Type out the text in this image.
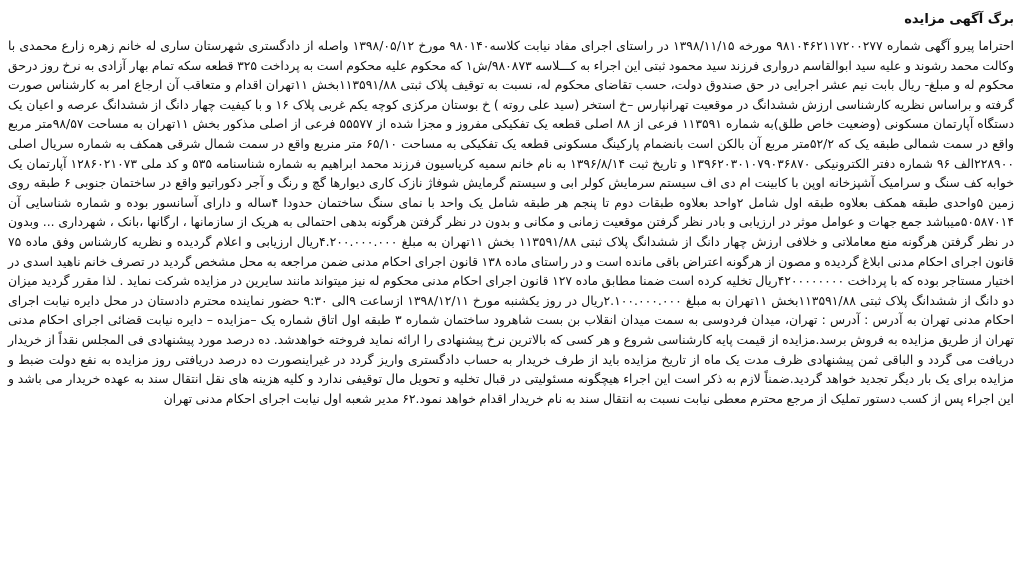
برگ آگهی مزایده

احتراما پیرو آگهی شماره ۹۸۱۰۴۶۲۱۱۷۲۰۰۲۷۷ مورخه ۱۳۹۸/۱۱/۱۵ در راستای اجرای مفاد نیابت کلاسه۹۸۰۱۴۰ مورخ ۱۳۹۸/۰۵/۱۲ واصله از دادگستری شهرستان ساری له خانم زهره زارع محمدی با وکالت محمد رشوند و علیه سید ابوالقاسم درواری فرزند سید محمود ثبتی این اجراء به کـــلاسه ۹۸۰۸۷۳/ش۱ که محکوم علیه محکوم است به پرداخت ۳۲۵ قطعه سکه تمام بهار آزادی به نرخ روز درحق محکوم له و مبلغ- ریال بابت نیم عشر اجرایی در حق صندوق دولت، حسب تقاضای محکوم له، نسبت به توقیف پلاک ثبتی ۱۱۳۵۹۱/۸۸بخش ۱۱تهران اقدام و متعاقب آن ارجاع امر به کارشناس صورت گرفته و براساس نظریه کارشناسی ارزش ششدانگ در موقعیت تهرانپارس –خ استخر (سید علی روته ) خ بوستان مرکزی کوچه یکم غربی پلاک ۱۶ و با کیفیت چهار دانگ از ششدانگ عرصه و اعیان یک دستگاه آپارتمان مسکونی (وضعیت خاص طلق)به شماره ۱۱۳۵۹۱ فرعی از ۸۸ اصلی قطعه یک تفکیکی مفروز و مجزا شده از ۵۵۵۷۷ فرعی از اصلی مذکور بخش ۱۱تهران به مساحت ۹۸/۵۷متر مربع واقع در سمت شمالی طبقه یک که ۵۲/۲متر مربع آن بالکن است بانضمام پارکینگ مسکونی قطعه یک تفکیکی به مساحت ۶۵/۱۰ متر منربع واقع در سمت شمال شرقی همکف به شماره سریال اصلی ۲۲۸۹۰۰الف ۹۶ شماره دفتر الکترونیکی ۱۳۹۶۲۰۳۰۱۰۷۹۰۳۶۸۷۰ و تاریخ ثبت ۱۳۹۶/۸/۱۴ به نام خانم سمیه کریاسیون فرزند محمد ابراهیم به شماره شناسنامه ۵۳۵ و کد ملی ۱۲۸۶۰۲۱۰۷۳ آپارتمان یک خوابه کف سنگ و سرامیک آشپزخانه اوپن با کابینت ام دی اف سیستم سرمایش کولر ابی و سیستم گرمایش شوفاژ نازک کاری دیوارها گچ و رنگ و آجر دکوراتیو واقع در ساختمان جنوبی ۶ طبقه روی زمین ۵واحدی طبقه همکف بعلاوه طبقه اول شامل ۲واحد بعلاوه طبقات دوم تا پنجم هر طبقه شامل یک واحد با نمای سنگ ساختمان حدودا ۴ساله و دارای آسانسور بوده و شماره شناسایی آن ۵۰۵۸۷۰۱۴میباشد جمع جهات و عوامل موثر در ارزیابی و بادر نظر گرفتن موقعیت زمانی و مکانی و بدون در نظر گرفتن هرگونه بدهی احتمالی به هریک از سازمانها ، ارگانها ،بانک ، شهرداری ... وبدون در نظر گرفتن هرگونه منع معاملاتی و خلافی ارزش چهار دانگ از ششدانگ پلاک ثبتی ۱۱۳۵۹۱/۸۸ بخش ۱۱تهران به مبلغ ۴.۲۰۰.۰۰۰.۰۰۰ریال ارزیابی و اعلام گردیده و نظریه کارشناس وفق ماده ۷۵ قانون اجرای احکام مدنی ابلاغ گردیده و مصون از هرگونه اعتراض باقی مانده است و در راستای ماده ۱۳۸ قانون اجرای احکام مدنی ضمن مراجعه به محل مشخص گردید در تصرف خانم ناهید اسدی در اختیار مستاجر بوده که با پرداخت ۴۲۰۰۰۰۰۰۰۰ریال تخلیه کرده است ضمنا مطابق ماده ۱۲۷ قانون اجرای احکام مدنی محکوم له نیز میتواند مانند سایرین در مزایده شرکت نماید . لذا مقرر گردید میزان دو دانگ از ششدانگ پلاک ثبتی ۱۱۳۵۹۱/۸۸بخش ۱۱تهران به مبلغ ۲.۱۰۰.۰۰۰.۰۰۰ریال در روز یکشنبه مورخ ۱۳۹۸/۱۲/۱۱ ازساعت ۹الی ۹:۳۰ حضور نماینده محترم دادستان در محل دایره نیابت اجرای احکام مدنی تهران به آدرس : آدرس : تهران، میدان فردوسی به سمت میدان انقلاب بن بست شاهرود ساختمان شماره ۳ طبقه اول اتاق شماره یک –مزایده – دایره نیابت قضائی اجرای احکام مدنی تهران از طریق مزایده به فروش برسد.مزایده از قیمت پایه کارشناسی شروع و هر کسی که بالاترین نرخ پیشنهادی را ارائه نماید فروخته خواهدشد. ده درصد مورد پیشنهادی فی المجلس نقداً از خریدار دریافت می گردد و الباقی ثمن پیشنهادی ظرف مدت یک ماه از تاریخ مزایده باید از طرف خریدار به حساب دادگستری واریز گردد در غیراینصورت ده درصد دریافتی روز مزایده به نفع دولت ضبط و مزایده برای یک بار دیگر تجدید خواهد گردید.ضمناً لازم به ذکر است این اجراء هیچگونه مسئولیتی در قبال تخلیه و تحویل مال توقیفی ندارد و کلیه هزینه های نقل انتقال سند به عهده خریدار می باشد و این اجراء پس از کسب دستور تملیک از مرجع محترم معطی نیابت نسبت به انتقال سند به نام خریدار اقدام خواهد نمود.۶۲ مدیر شعبه اول نیابت اجرای احکام مدنی تهران
